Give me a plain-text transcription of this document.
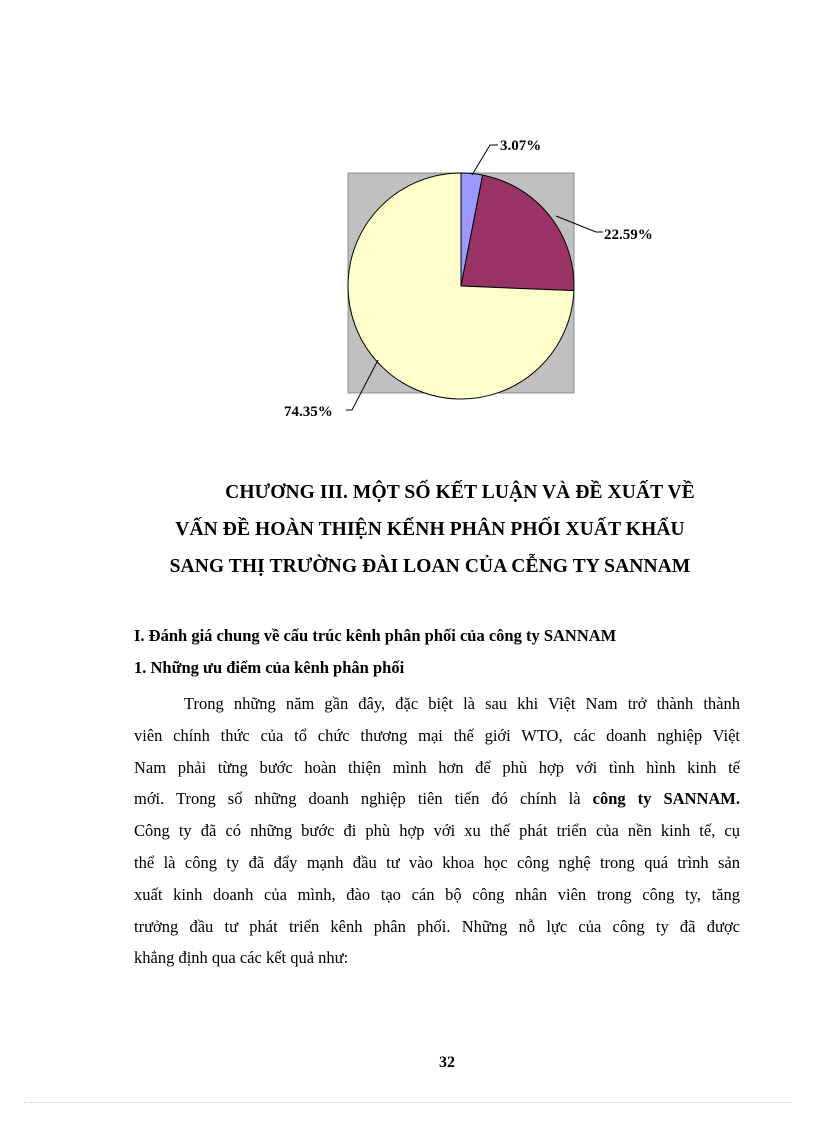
3.07%
22.59%
74.35%
CHƯƠNG III. MỘT SỐ KẾT LUẬN VÀ ĐỀ XUẤT VỀ
VẤN ĐỀ HOÀN THIỆN KẾNH PHÂN PHỐI XUẤT KHẨU
SANG THỊ TRƯỜNG ĐÀI LOAN CỦA CỄNG TY SANNAM
I. Đánh giá chung về cấu trúc kênh phân phối của công ty SANNAM
1. Những ưu điểm của kênh phân phối
Trong những năm gần đây, đặc biệt là sau khi Việt Nam trở thành thành
viên chính thức của tổ chức thương mại thế giới WTO, các doanh nghiệp Việt
Nam phải từng bước hoàn thiện mình hơn để phù hợp với tình hình kinh tế
mới. Trong số những doanh nghiệp tiên tiến đó chính là công ty SANNAM.
Công ty đã có những bước đi phù hợp với xu thế phát triển của nền kinh tế, cụ
thể là công ty đã đẩy mạnh đầu tư vào khoa học công nghệ trong quá trình sản
xuất kinh doanh của mình, đào tạo cán bộ công nhân viên trong công ty, tăng
trưởng đầu tư phát triển kênh phân phối. Những nỗ lực của công ty đã được
khẳng định qua các kết quả như:
32
